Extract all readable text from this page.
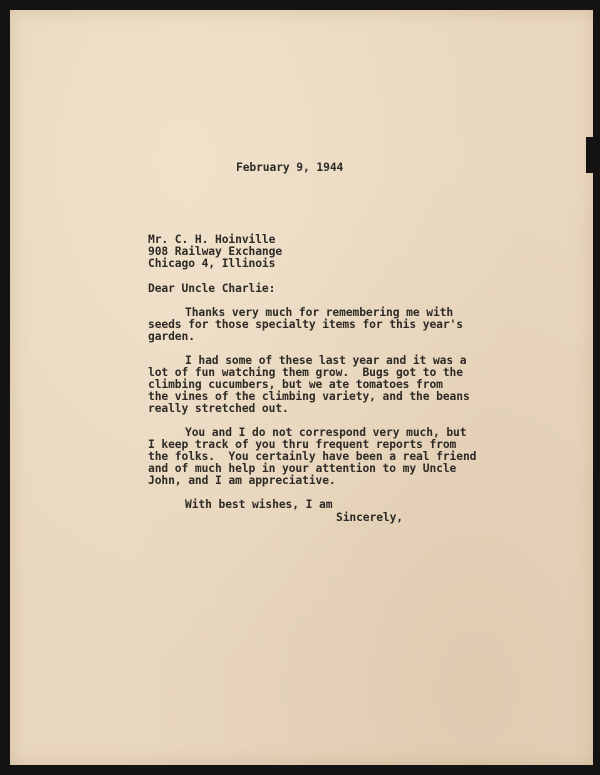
February 9, 1944
Mr. C. H. Hoinville
908 Railway Exchange
Chicago 4, Illinois
Dear Uncle Charlie:
Thanks very much for remembering me with
seeds for those specialty items for this year's
garden.
I had some of these last year and it was a
lot of fun watching them grow.  Bugs got to the
climbing cucumbers, but we ate tomatoes from
the vines of the climbing variety, and the beans
really stretched out.
You and I do not correspond very much, but
I keep track of you thru frequent reports from
the folks.  You certainly have been a real friend
and of much help in your attention to my Uncle
John, and I am appreciative.
With best wishes, I am
Sincerely,
